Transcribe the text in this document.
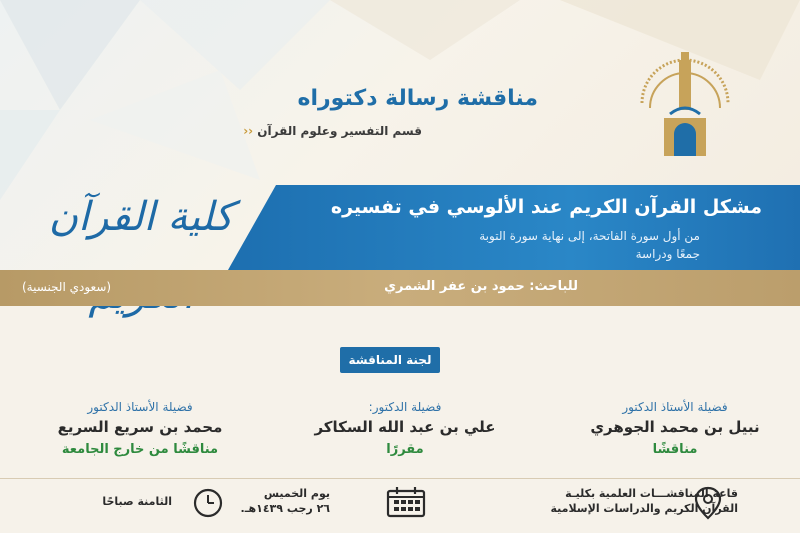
مناقشة رسالة دكتوراه
قسم التفسير وعلوم القرآن ‹‹
كلية القرآن	مشكل القرآن الكريم عند الألوسي في تفسيره
من أول سورة الفاتحة، إلى نهاية سورة التوبة
جمعًا ودراسة
للباحث: حمود بن عفر الشمري
(سعودي الجنسية)
لجنة المناقشة
فضيلة الأستاذ الدكتور
نبيل بن محمد الجوهري
مناقشًا
فضيلة الدكتور:
علي بن عبد الله السكاكر
مقررًا
فضيلة الأستاذ الدكتور
محمد بن سريع السريع
مناقشًا من خارج الجامعة
قاعة المناقشـــات العلمية بكليـة
القرآن الكريم والدراسات الإسلامية
يوم الخميس
٢٦ رجب ١٤٣٩هـ.
الثامنة صباحًا
